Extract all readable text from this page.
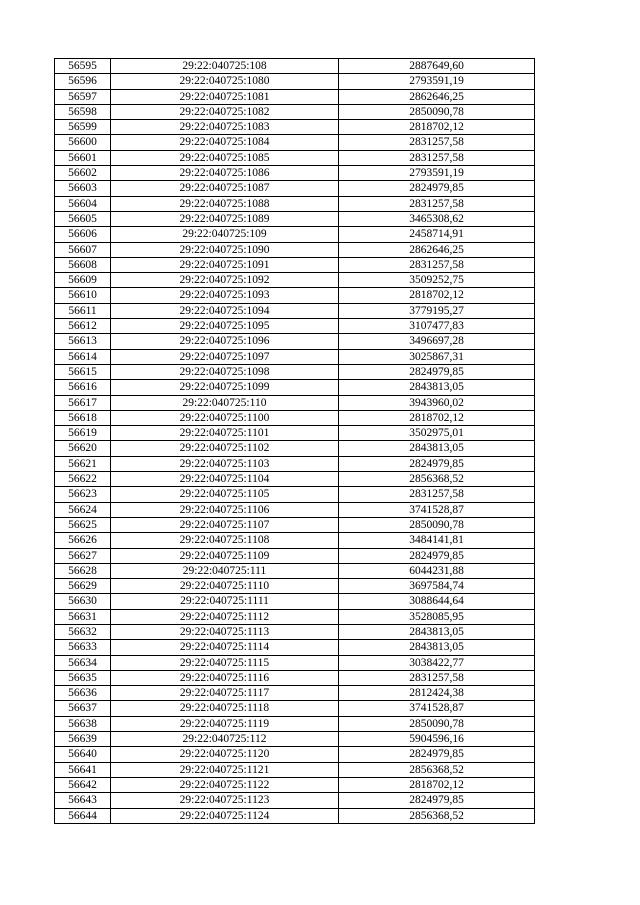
56595	29:22:040725:108	2887649,60
56596	29:22:040725:1080	2793591,19
56597	29:22:040725:1081	2862646,25
56598	29:22:040725:1082	2850090,78
56599	29:22:040725:1083	2818702,12
56600	29:22:040725:1084	2831257,58
56601	29:22:040725:1085	2831257,58
56602	29:22:040725:1086	2793591,19
56603	29:22:040725:1087	2824979,85
56604	29:22:040725:1088	2831257,58
56605	29:22:040725:1089	3465308,62
56606	29:22:040725:109	2458714,91
56607	29:22:040725:1090	2862646,25
56608	29:22:040725:1091	2831257,58
56609	29:22:040725:1092	3509252,75
56610	29:22:040725:1093	2818702,12
56611	29:22:040725:1094	3779195,27
56612	29:22:040725:1095	3107477,83
56613	29:22:040725:1096	3496697,28
56614	29:22:040725:1097	3025867,31
56615	29:22:040725:1098	2824979,85
56616	29:22:040725:1099	2843813,05
56617	29:22:040725:110	3943960,02
56618	29:22:040725:1100	2818702,12
56619	29:22:040725:1101	3502975,01
56620	29:22:040725:1102	2843813,05
56621	29:22:040725:1103	2824979,85
56622	29:22:040725:1104	2856368,52
56623	29:22:040725:1105	2831257,58
56624	29:22:040725:1106	3741528,87
56625	29:22:040725:1107	2850090,78
56626	29:22:040725:1108	3484141,81
56627	29:22:040725:1109	2824979,85
56628	29:22:040725:111	6044231,88
56629	29:22:040725:1110	3697584,74
56630	29:22:040725:1111	3088644,64
56631	29:22:040725:1112	3528085,95
56632	29:22:040725:1113	2843813,05
56633	29:22:040725:1114	2843813,05
56634	29:22:040725:1115	3038422,77
56635	29:22:040725:1116	2831257,58
56636	29:22:040725:1117	2812424,38
56637	29:22:040725:1118	3741528,87
56638	29:22:040725:1119	2850090,78
56639	29:22:040725:112	5904596,16
56640	29:22:040725:1120	2824979,85
56641	29:22:040725:1121	2856368,52
56642	29:22:040725:1122	2818702,12
56643	29:22:040725:1123	2824979,85
56644	29:22:040725:1124	2856368,52
